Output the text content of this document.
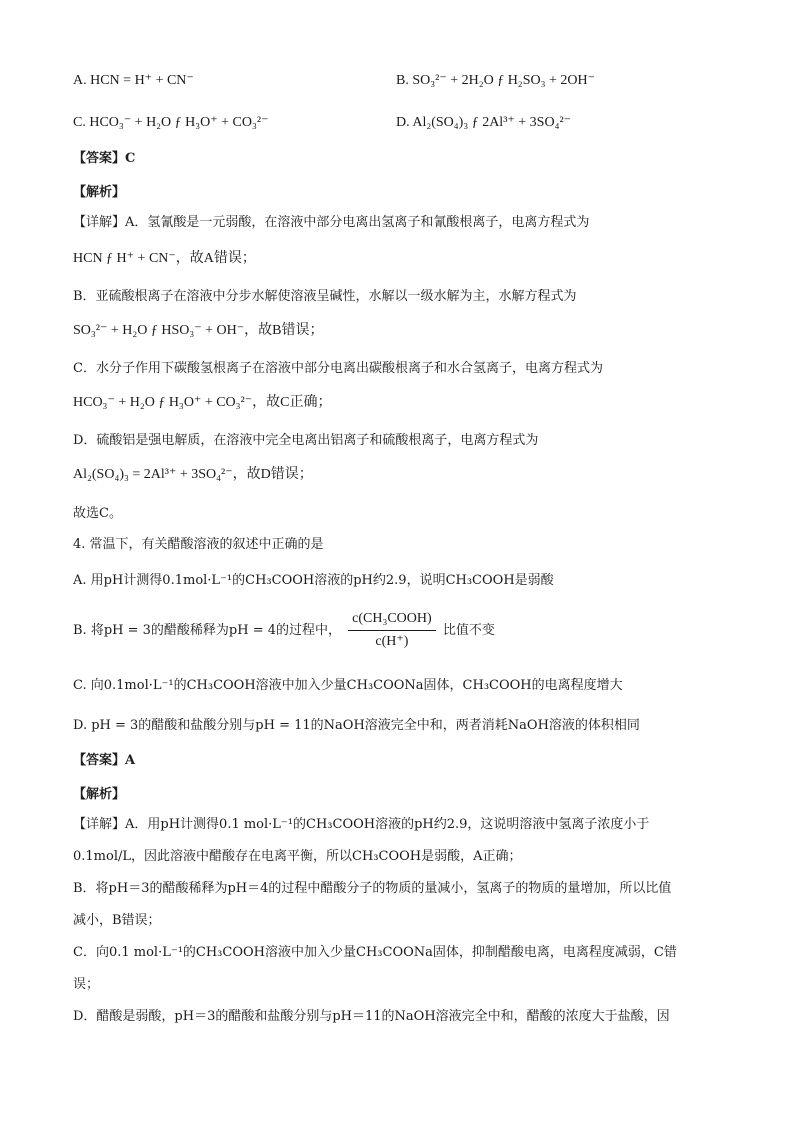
A. HCN = H⁺ + CN⁻	B. SO₃²⁻ + 2H₂O ƒ H₂SO₃ + 2OH⁻
C. HCO₃⁻ + H₂O ƒ H₃O⁺ + CO₃²⁻	D. Al₂(SO₄)₃ ƒ 2Al³⁺ + 3SO₄²⁻
【答案】C
【解析】
【详解】A．氢氰酸是一元弱酸，在溶液中部分电离出氢离子和氰酸根离子，电离方程式为
HCN ƒ H⁺ + CN⁻，故A错误；
B．亚硫酸根离子在溶液中分步水解使溶液呈碱性，水解以一级水解为主，水解方程式为
SO₃²⁻ + H₂O ƒ HSO₃⁻ + OH⁻，故B错误；
C．水分子作用下碳酸氢根离子在溶液中部分电离出碳酸根离子和水合氢离子，电离方程式为
HCO₃⁻ + H₂O ƒ H₃O⁺ + CO₃²⁻，故C正确；
D．硫酸铝是强电解质，在溶液中完全电离出铝离子和硫酸根离子，电离方程式为
Al₂(SO₄)₃ = 2Al³⁺ + 3SO₄²⁻，故D错误；
故选C。
4. 常温下，有关醋酸溶液的叙述中正确的是
A. 用pH计测得0.1mol·L⁻¹的CH₃COOH溶液的pH约2.9，说明CH₃COOH是弱酸
B. 将pH = 3的醋酸稀释为pH = 4的过程中， $\frac{\text{c(CH₃COOH)}}{c(H^+)}$ 比值不变
C. 向0.1mol·L⁻¹的CH₃COOH溶液中加入少量CH₃COONa固体，CH₃COOH的电离程度增大
D. pH = 3的醋酸和盐酸分别与pH = 11的NaOH溶液完全中和，两者消耗NaOH溶液的体积相同
【答案】A
【解析】
【详解】A．用pH计测得0.1 mol·L⁻¹的CH₃COOH溶液的pH约2.9，这说明溶液中氢离子浓度小于
0.1mol/L，因此溶液中醋酸存在电离平衡，所以CH₃COOH是弱酸，A正确；
B．将pH＝3的醋酸稀释为pH＝4的过程中醋酸分子的物质的量减小，氢离子的物质的量增加，所以比值
减小，B错误；
C．向0.1 mol·L⁻¹的CH₃COOH溶液中加入少量CH₃COONa固体，抑制醋酸电离，电离程度减弱，C错
误；
D．醋酸是弱酸，pH＝3的醋酸和盐酸分别与pH＝11的NaOH溶液完全中和，醋酸的浓度大于盐酸，因
